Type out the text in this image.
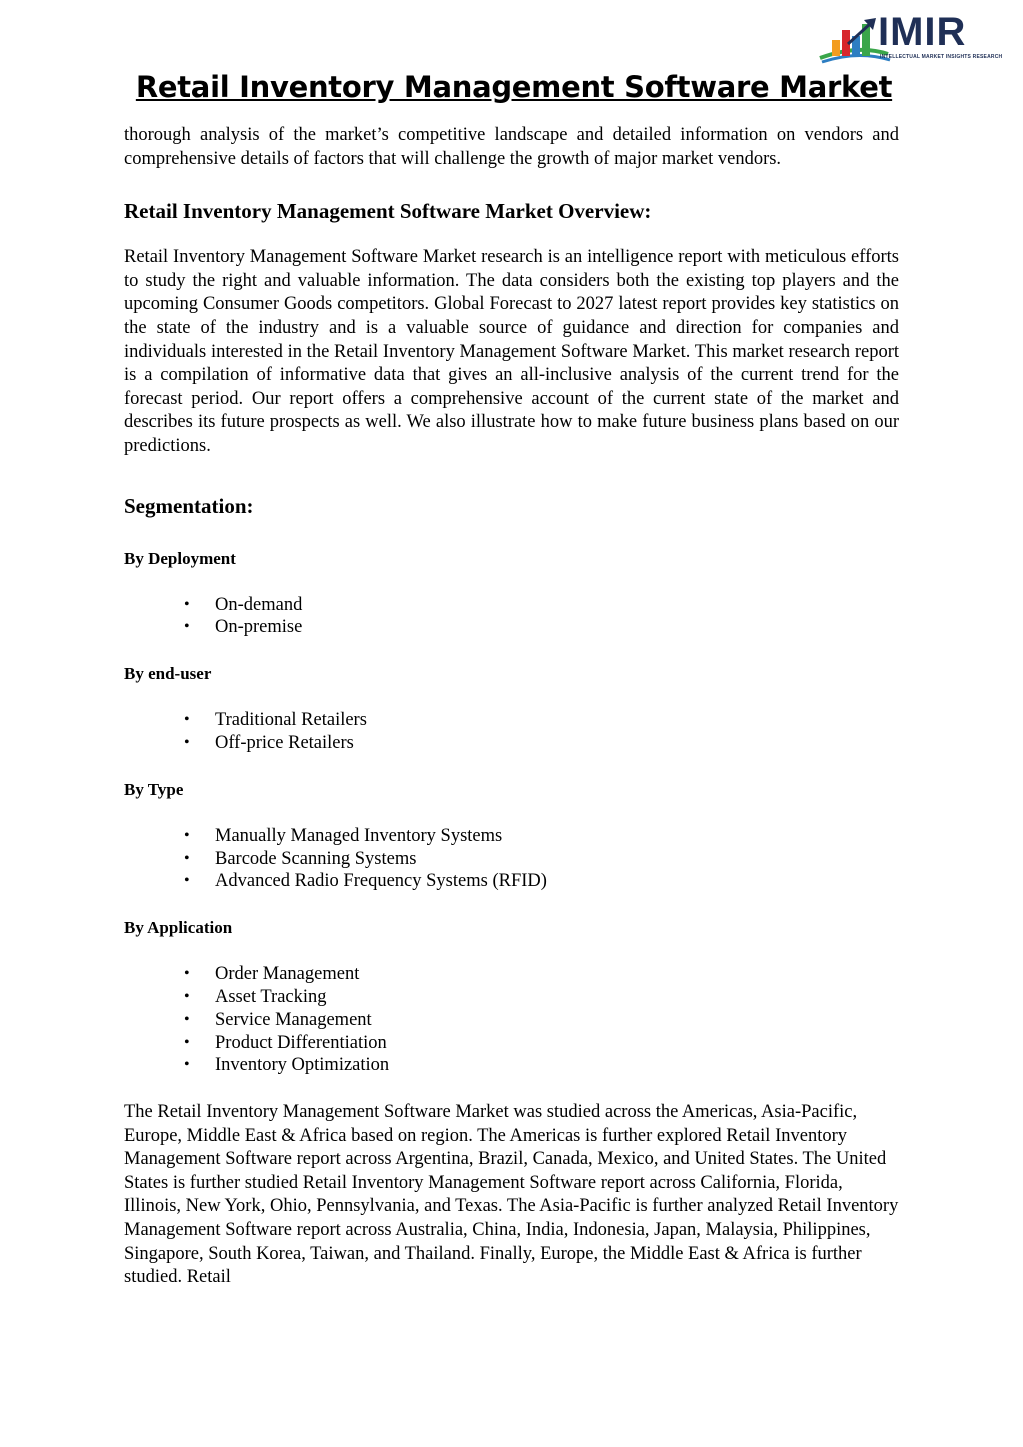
IMIR
INTELLECTUAL MARKET INSIGHTS RESEARCH
Retail Inventory Management Software Market

thorough analysis of the market’s competitive landscape and detailed information on vendors and comprehensive details of factors that will challenge the growth of major market vendors.

Retail Inventory Management Software Market Overview:

Retail Inventory Management Software Market research is an intelligence report with meticulous efforts to study the right and valuable information. The data considers both the existing top players and the upcoming Consumer Goods competitors. Global Forecast to 2027 latest report provides key statistics on the state of the industry and is a valuable source of guidance and direction for companies and individuals interested in the Retail Inventory Management Software Market. This market research report is a compilation of informative data that gives an all-inclusive analysis of the current trend for the forecast period. Our report offers a comprehensive account of the current state of the market and describes its future prospects as well. We also illustrate how to make future business plans based on our predictions.

Segmentation:

By Deployment

• On-demand
• On-premise

By end-user

• Traditional Retailers
• Off-price Retailers

By Type

• Manually Managed Inventory Systems
• Barcode Scanning Systems
• Advanced Radio Frequency Systems (RFID)

By Application

• Order Management
• Asset Tracking
• Service Management
• Product Differentiation
• Inventory Optimization

The Retail Inventory Management Software Market was studied across the Americas, Asia-Pacific, Europe, Middle East & Africa based on region. The Americas is further explored Retail Inventory Management Software report across Argentina, Brazil, Canada, Mexico, and United States. The United States is further studied Retail Inventory Management Software report across California, Florida, Illinois, New York, Ohio, Pennsylvania, and Texas. The Asia-Pacific is further analyzed Retail Inventory Management Software report across Australia, China, India, Indonesia, Japan, Malaysia, Philippines, Singapore, South Korea, Taiwan, and Thailand. Finally, Europe, the Middle East & Africa is further studied. Retail
